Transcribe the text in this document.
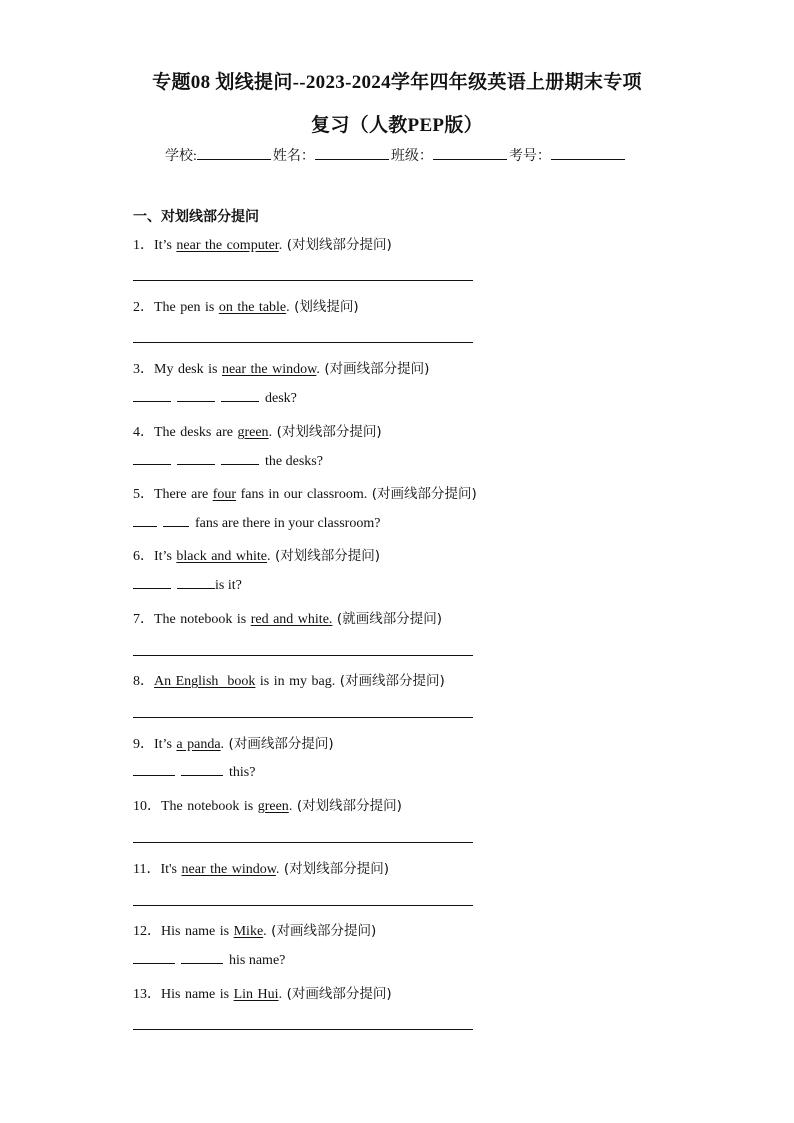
专题08 划线提问--2023-2024学年四年级英语上册期末专项
复习（人教PEP版）
学校:	姓名：	班级：	考号：
一、对划线部分提问
1．It’s near the computer. (对划线部分提问)
2．The pen is on the table. (划线提问)
3．My desk is near the window. (对画线部分提问)
desk?
4．The desks are green. (对划线部分提问)
the desks?
5．There are four fans in our classroom. (对画线部分提问)
fans are there in your classroom?
6．It’s black and white. (对划线部分提问)
is it?
7．The notebook is red and white. (就画线部分提问)
8．An English  book is in my bag. (对画线部分提问)
9．It’s a panda. (对画线部分提问)
this?
10．The notebook is green. (对划线部分提问)
11．It's near the window. (对划线部分提问)
12．His name is Mike. (对画线部分提问)
his name?
13．His name is Lin Hui. (对画线部分提问)
